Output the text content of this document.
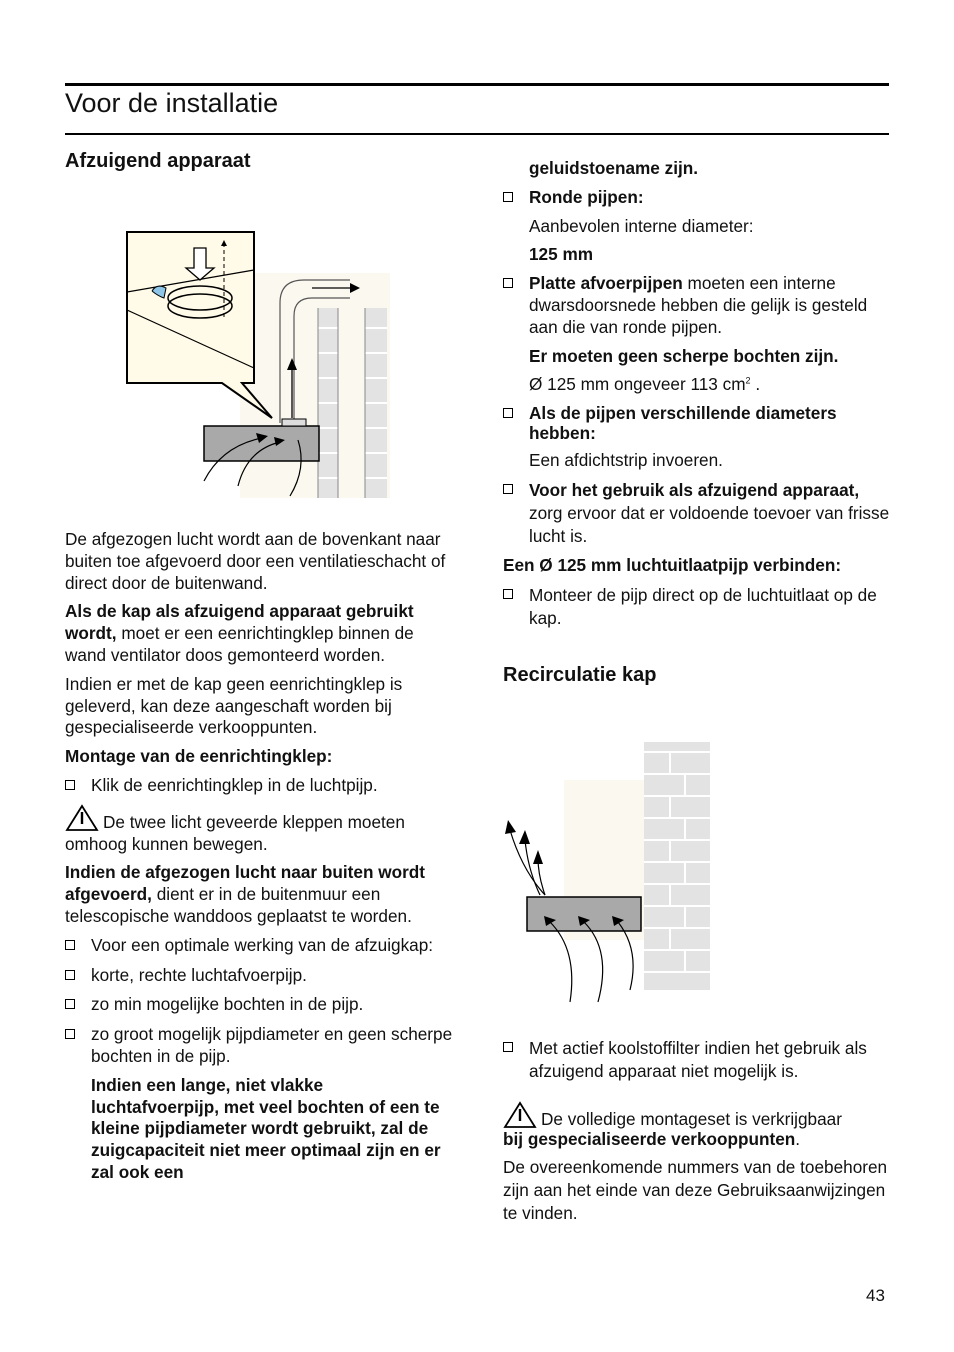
Voor de installatie
Afzuigend apparaat

De afgezogen lucht wordt aan de bovenkant naar buiten toe afgevoerd door een ventilatieschacht of direct door de buitenwand.

Als de kap als afzuigend apparaat gebruikt wordt, moet er een eenrichtingklep binnen de wand ventilator doos gemonteerd worden.

Indien er met de kap geen eenrichtingklep is geleverd, kan deze aangeschaft worden bij gespecialiseerde verkooppunten.

Montage van de eenrichtingklep:

Klik de eenrichtingklep in de luchtpijp.

De twee licht geveerde kleppen moeten omhoog kunnen bewegen.

Indien de afgezogen lucht naar buiten wordt afgevoerd, dient er in de buitenmuur een telescopische wanddoos geplaatst te worden.

Voor een optimale werking van de afzuigkap:
korte, rechte luchtafvoerpijp.
zo min mogelijke bochten in de pijp.
zo groot mogelijk pijpdiameter en geen scherpe bochten in de pijp.

Indien een lange, niet vlakke luchtafvoerpijp, met veel bochten of een te kleine pijpdiameter wordt gebruikt, zal de zuigcapaciteit niet meer optimaal zijn en er zal ook een

geluidstoename zijn.

Ronde pijpen:

Aanbevolen interne diameter:

125 mm

Platte afvoerpijpen moeten een interne dwarsdoorsnede hebben die gelijk is gesteld aan die van ronde pijpen.

Er moeten geen scherpe bochten zijn.

Ø 125 mm ongeveer 113 $cm^2$ .

Als de pijpen verschillende diameters hebben:

Een afdichtstrip invoeren.

Voor het gebruik als afzuigend apparaat, zorg ervoor dat er voldoende toevoer van frisse lucht is.

Een Ø 125 mm luchtuitlaatpijp verbinden:

Monteer de pijp direct op de luchtuitlaat op de kap.
Recirculatie kap
Met actief koolstoffilter indien het gebruik als afzuigend apparaat niet mogelijk is.

De volledige montageset is verkrijgbaar
bij gespecialiseerde verkooppunten.

De overeenkomende nummers van de toebehoren zijn aan het einde van deze Gebruiksaanwijzingen te vinden.

43
